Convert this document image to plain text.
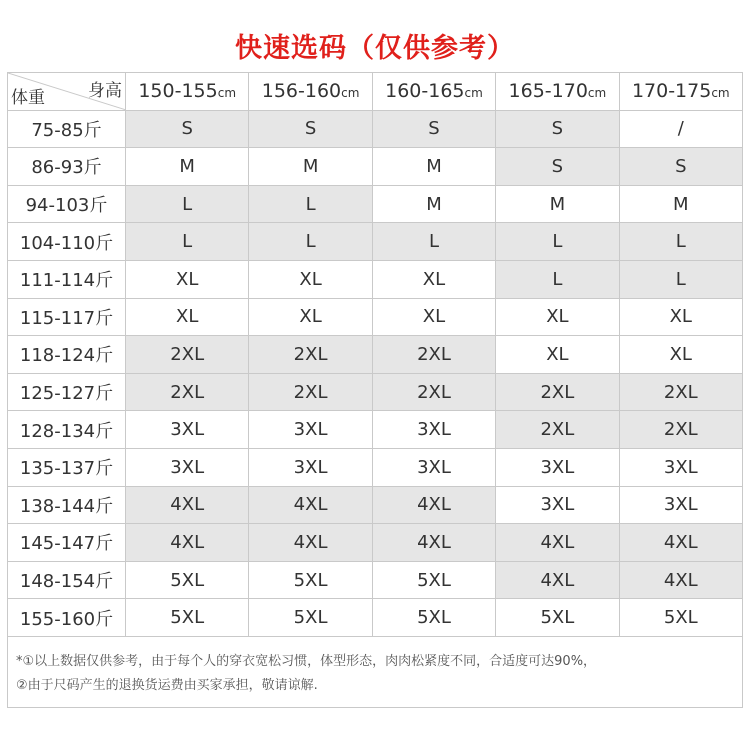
快速选码（仅供参考）
身高
体重	150-155cm	156-160cm	160-165cm	165-170cm	170-175cm
75-85斤	S	S	S	S	/
86-93斤	M	M	M	S	S
94-103斤	L	L	M	M	M
104-110斤	L	L	L	L	L
111-114斤	XL	XL	XL	L	L
115-117斤	XL	XL	XL	XL	XL
118-124斤	2XL	2XL	2XL	XL	XL
125-127斤	2XL	2XL	2XL	2XL	2XL
128-134斤	3XL	3XL	3XL	2XL	2XL
135-137斤	3XL	3XL	3XL	3XL	3XL
138-144斤	4XL	4XL	4XL	3XL	3XL
145-147斤	4XL	4XL	4XL	4XL	4XL
148-154斤	5XL	5XL	5XL	4XL	4XL
155-160斤	5XL	5XL	5XL	5XL	5XL
*①以上数据仅供参考，由于每个人的穿衣宽松习惯，体型形态，肉肉松紧度不同，合适度可达90%，
②由于尺码产生的退换货运费由买家承担，敬请谅解.
